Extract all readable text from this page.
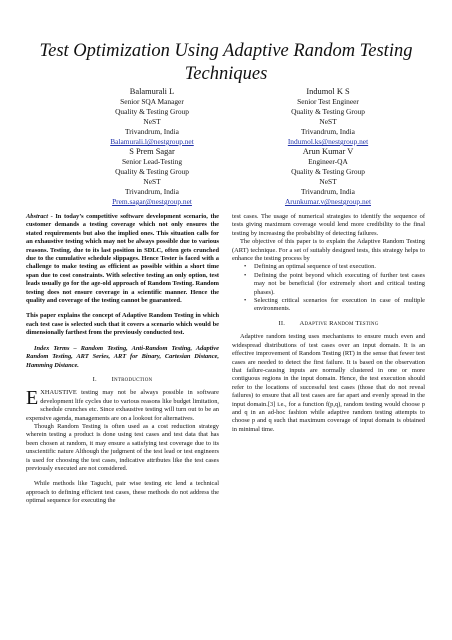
Test Optimization Using Adaptive Random Testing Techniques
Balamurali L
Senior SQA Manager
Quality & Testing Group
NeST
Trivandrum, India
Balamurali.l@nestgroup.net
Indumol K S
Senior Test Engineer
Quality & Testing Group
NeST
Trivandrum, India
Indumol.ks@nestgroup.net
S Prem Sagar
Senior Lead-Testing
Quality & Testing Group
NeST
Trivandrum, India
Prem.sagar@nestgroup.net
Arun Kumar V
Engineer-QA
Quality & Testing Group
NeST
Trivandrum, India
Arunkumar.v@nestgroup.net

Abstract - In today’s competitive software development scenario, the customer demands a testing coverage which not only ensures the stated requirements but also the implied ones. This situation calls for an exhaustive testing which may not be always possible due to various reasons. Testing, due to its last position in SDLC, often gets crunched due to the cumulative schedule slippages. Hence Tester is faced with a challenge to make testing as efficient as possible within a short time span due to cost constraints. With selective testing an only option, test leads usually go for the age-old approach of Random Testing. Random testing does not ensure coverage in a scientific manner. Hence the quality and coverage of the testing cannot be guaranteed.

This paper explains the concept of Adaptive Random Testing in which each test case is selected such that it covers a scenario which would be dimensionally farthest from the previously conducted test.

Index Terms – Random Testing, Anti-Random Testing, Adaptive Random Testing, ART Series, ART for Binary, Cartesian Distance, Hamming Distance.

I.        Introduction

EXHAUSTIVE testing may not be always possible in software development life cycles due to various reasons like budget limitation, schedule crunches etc. Since exhaustive testing will turn out to be an expensive agenda, managements are on a lookout for alternatives.

Though Random Testing is often used as a cost reduction strategy wherein testing a product is done using test cases and test data that has been chosen at random, it may ensure a satisfying test coverage due to its unscientific nature Although the judgment of the test lead or test engineers is used for choosing the test cases, indicative attributes like the test cases previously executed are not considered.

While methods like Taguchi, pair wise testing etc lend a technical approach to defining efficient test cases, these methods do not address the optimal sequence for executing the

test cases. The usage of numerical strategies to identify the sequence of tests giving maximum coverage would lend more credibility to the final testing by increasing the probability of detecting failures.

The objective of this paper is to explain the Adaptive Random Testing (ART) technique. For a set of suitably designed tests, this strategy helps to enhance the testing process by

• Defining an optimal sequence of test execution.

• Defining the point beyond which executing of further test cases may not be beneficial (for extremely short and critical testing phases).

• Selecting critical scenarios for execution in case of multiple environments.

II.        Adaptive Random Testing

Adaptive random testing uses mechanisms to ensure much even and widespread distributions of test cases over an input domain. It is an effective improvement of Random Testing (RT) in the sense that fewer test cases are needed to detect the first failure. It is based on the observation that failure-causing inputs are normally clustered in one or more contiguous regions in the input domain. Hence, the test execution should refer to the locations of successful test cases (those that do not reveal failures) to ensure that all test cases are far apart and evenly spread in the input domain.[3] i.e., for a function f(p,q), random testing would choose p and q in an ad-hoc fashion while adaptive random testing attempts to choose p and q such that maximum coverage of input domain is obtained in minimal time.
